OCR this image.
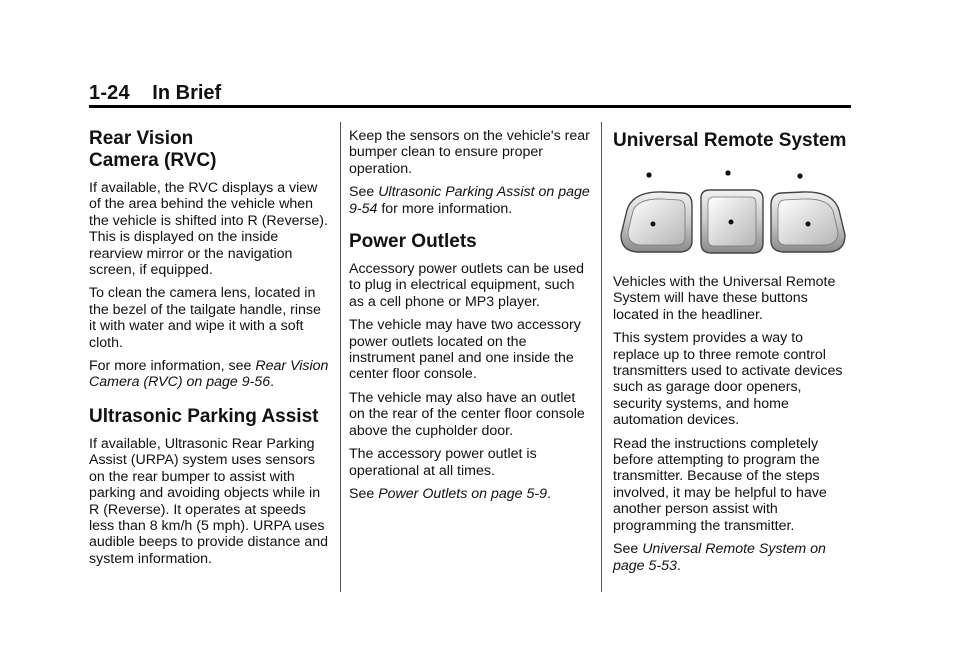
1-24 In Brief
Rear Vision
Camera (RVC)

If available, the RVC displays a view of the area behind the vehicle when the vehicle is shifted into R (Reverse). This is displayed on the inside rearview mirror or the navigation screen, if equipped.

To clean the camera lens, located in the bezel of the tailgate handle, rinse it with water and wipe it with a soft cloth.

For more information, see Rear Vision Camera (RVC) on page 9-56.

Ultrasonic Parking Assist

If available, Ultrasonic Rear Parking Assist (URPA) system uses sensors on the rear bumper to assist with parking and avoiding objects while in R (Reverse). It operates at speeds less than 8 km/h (5 mph). URPA uses audible beeps to provide distance and system information.

Keep the sensors on the vehicle's rear bumper clean to ensure proper operation.

See Ultrasonic Parking Assist on page 9-54 for more information.

Power Outlets

Accessory power outlets can be used to plug in electrical equipment, such as a cell phone or MP3 player.

The vehicle may have two accessory power outlets located on the instrument panel and one inside the center floor console.

The vehicle may also have an outlet on the rear of the center floor console above the cupholder door.

The accessory power outlet is operational at all times.

See Power Outlets on page 5-9.

Universal Remote System

Vehicles with the Universal Remote System will have these buttons located in the headliner.

This system provides a way to replace up to three remote control transmitters used to activate devices such as garage door openers, security systems, and home automation devices.

Read the instructions completely before attempting to program the transmitter. Because of the steps involved, it may be helpful to have another person assist with programming the transmitter.

See Universal Remote System on page 5-53.
